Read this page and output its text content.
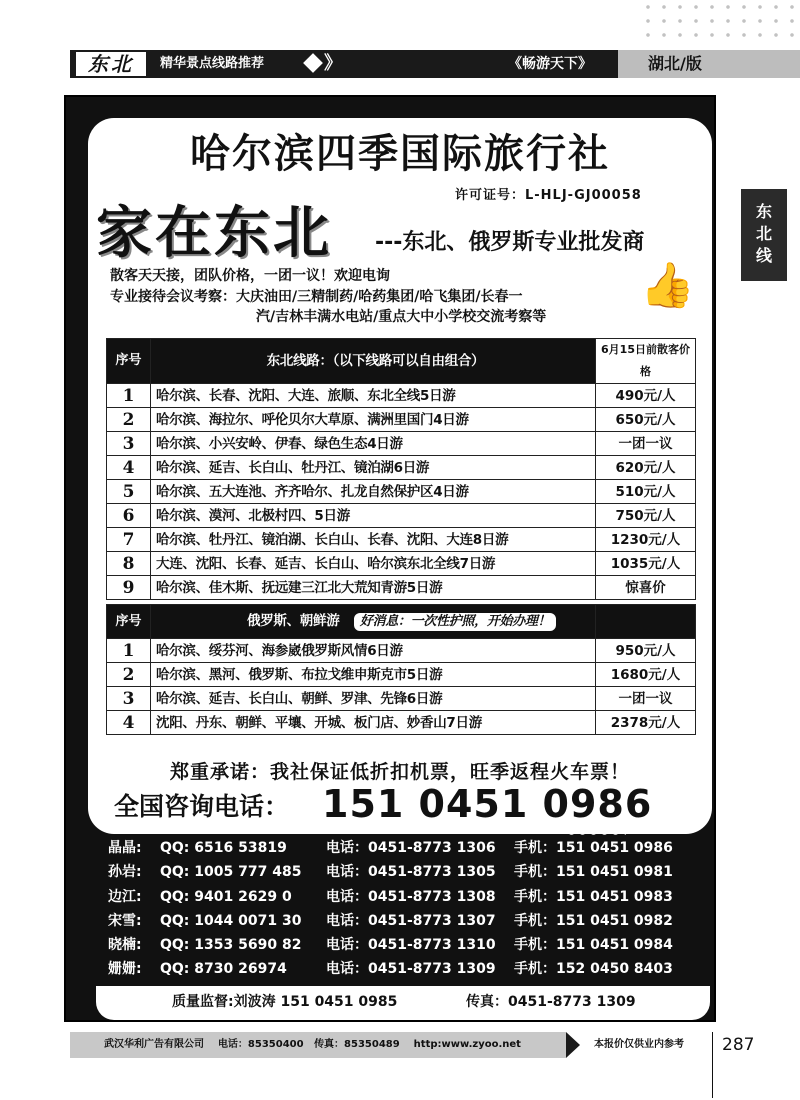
东北	精华景点线路推荐	》	《畅游天下》	湖北/版
东北线
哈尔滨四季国际旅行社
许可证号：L-HLJ-GJ00058
家在东北 ---东北、俄罗斯专业批发商
散客天天接，团队价格，一团一议！欢迎电询
专业接待会议考察：大庆油田/三精制药/哈药集团/哈飞集团/长春一
汽/吉林丰满水电站/重点大中小学校交流考察等
👍
序号	东北线路：（以下线路可以自由组合）	6月15日前散客价格
1	哈尔滨、长春、沈阳、大连、旅顺、东北全线5日游	490元/人
2	哈尔滨、海拉尔、呼伦贝尔大草原、满洲里国门4日游	650元/人
3	哈尔滨、小兴安岭、伊春、绿色生态4日游	一团一议
4	哈尔滨、延吉、长白山、牡丹江、镜泊湖6日游	620元/人
5	哈尔滨、五大连池、齐齐哈尔、扎龙自然保护区4日游	510元/人
6	哈尔滨、漠河、北极村四、5日游	750元/人
7	哈尔滨、牡丹江、镜泊湖、长白山、长春、沈阳、大连8日游	1230元/人
8	大连、沈阳、长春、延吉、长白山、哈尔滨东北全线7日游	1035元/人
9	哈尔滨、佳木斯、抚远建三江北大荒知青游5日游	惊喜价
序号	俄罗斯、朝鲜游 好消息：一次性护照，开始办理！	
1	哈尔滨、绥芬河、海参崴俄罗斯风情6日游	950元/人
2	哈尔滨、黑河、俄罗斯、布拉戈维申斯克市5日游	1680元/人
3	哈尔滨、延吉、长白山、朝鲜、罗津、先锋6日游	一团一议
4	沈阳、丹东、朝鲜、平壤、开城、板门店、妙香山7日游	2378元/人
郑重承诺：我社保证低折扣机票，旺季返程火车票！
全国咨询电话： 151 0451 0986
晶晶:	QQ: 6516 53819	电话：0451-8773 1306	手机：151 0451 0986
孙岩:	QQ: 1005 777 485	电话：0451-8773 1305	手机：151 0451 0981
边江:	QQ: 9401 2629 0	电话：0451-8773 1308	手机：151 0451 0983
宋雪:	QQ: 1044 0071 30	电话：0451-8773 1307	手机：151 0451 0982
晓楠:	QQ: 1353 5690 82	电话：0451-8773 1310	手机：151 0451 0984
姗姗:	QQ: 8730 26974	电话：0451-8773 1309	手机：152 0450 8403
质量监督:刘波涛 151 0451 0985	传真：0451-8773 1309
武汉华利广告有限公司 电话：85350400 传真：85350489 http:www.zyoo.net	本报价仅供业内参考	287
